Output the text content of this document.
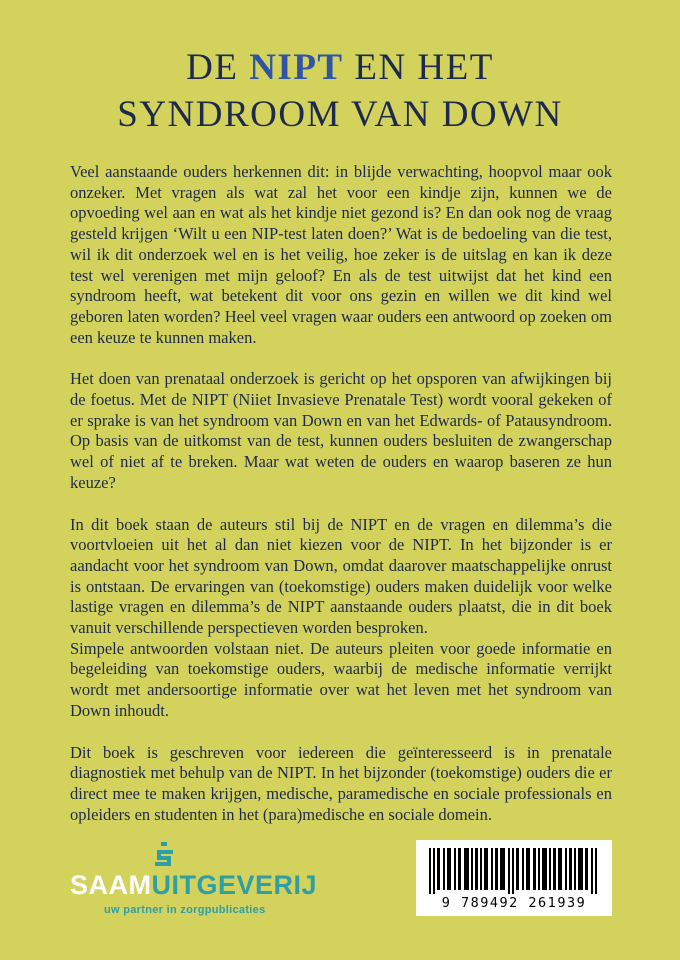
DE NIPT EN HET
SYNDROOM VAN DOWN

Veel aanstaande ouders herkennen dit: in blijde verwachting, hoopvol maar ook onzeker. Met vragen als wat zal het voor een kindje zijn, kunnen we de opvoeding wel aan en wat als het kindje niet gezond is? En dan ook nog de vraag gesteld krijgen ‘Wilt u een NIP-test laten doen?’ Wat is de bedoeling van die test, wil ik dit onderzoek wel en is het veilig, hoe zeker is de uitslag en kan ik deze test wel verenigen met mijn geloof? En als de test uitwijst dat het kind een syndroom heeft, wat betekent dit voor ons gezin en willen we dit kind wel geboren laten worden? Heel veel vragen waar ouders een antwoord op zoeken om een keuze te kunnen maken.

Het doen van prenataal onderzoek is gericht op het opsporen van afwijkingen bij de foetus. Met de NIPT (Niiet Invasieve Prenatale Test) wordt vooral gekeken of er sprake is van het syndroom van Down en van het Edwards- of Patausyndroom. Op basis van de uitkomst van de test, kunnen ouders besluiten de zwangerschap wel of niet af te breken. Maar wat weten de ouders en waarop baseren ze hun keuze?

In dit boek staan de auteurs stil bij de NIPT en de vragen en dilemma’s die voortvloeien uit het al dan niet kiezen voor de NIPT. In het bijzonder is er aandacht voor het syndroom van Down, omdat daarover maatschappelijke onrust is ontstaan. De ervaringen van (toekomstige) ouders maken duidelijk voor welke lastige vragen en dilemma’s de NIPT aanstaande ouders plaatst, die in dit boek vanuit verschillende perspectieven worden besproken.

Simpele antwoorden volstaan niet. De auteurs pleiten voor goede informatie en begeleiding van toekomstige ouders, waarbij de medische informatie verrijkt wordt met andersoortige informatie over wat het leven met het syndroom van Down inhoudt.

Dit boek is geschreven voor iedereen die geïnteresseerd is in prenatale diagnostiek met behulp van de NIPT. In het bijzonder (toekomstige) ouders die er direct mee te maken krijgen, medische, paramedische en sociale professionals en opleiders en studenten in het (para)medische en sociale domein.

SAAMUITGEVERIJ
uw partner in zorgpublicaties	9 789492 261939
